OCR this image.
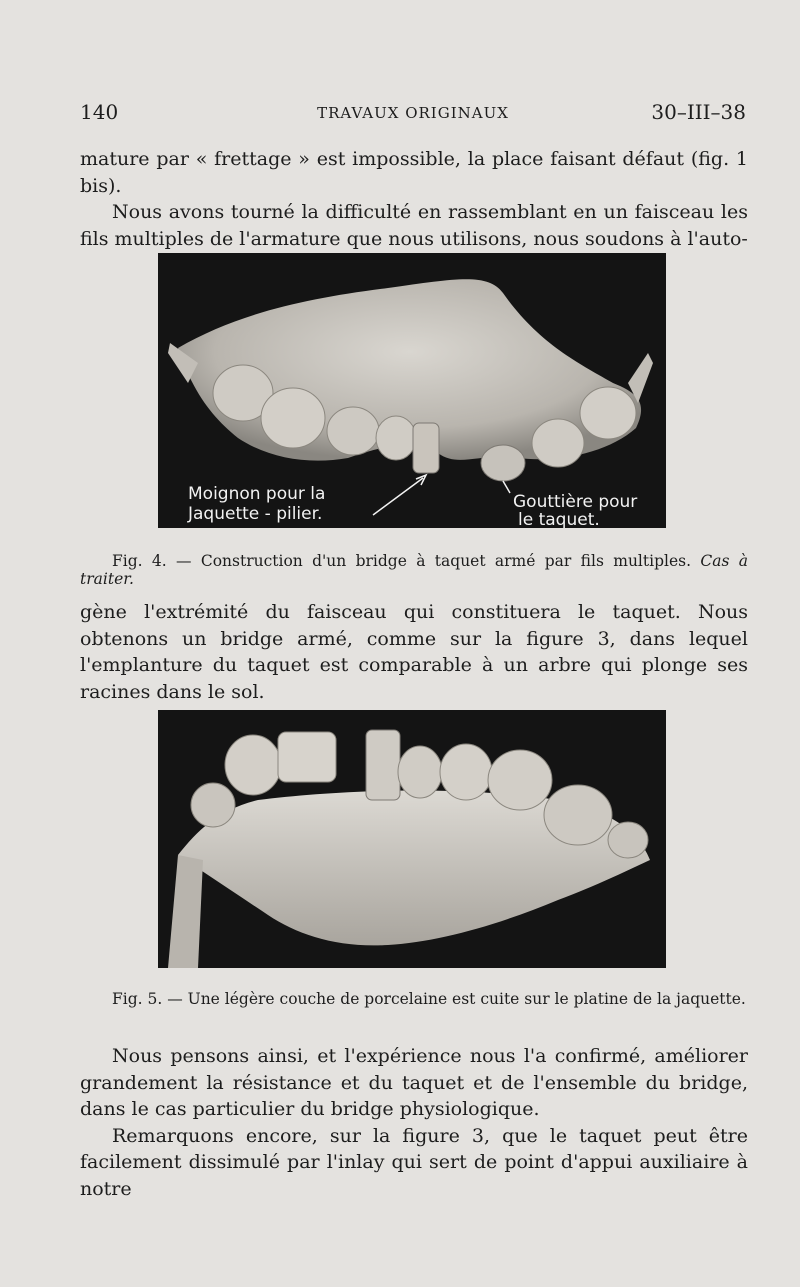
140	TRAVAUX ORIGINAUX	30–III–38

mature par « frettage » est impossible, la place faisant défaut (fig. 1 bis).
Nous avons tourné la difficulté en rassemblant en un faisceau les fils multiples de l'armature que nous utilisons, nous soudons à l'auto-

Moignon pour la
Jaquette - pilier.
Gouttière pour
le taquet.

Fig. 4. — Construction d'un bridge à taquet armé par fils multiples. Cas à traiter.

gène l'extrémité du faisceau qui constituera le taquet. Nous obtenons un bridge armé, comme sur la figure 3, dans lequel l'emplanture du taquet est comparable à un arbre qui plonge ses racines dans le sol.

Fig. 5. — Une légère couche de porcelaine est cuite sur le platine de la jaquette.

Nous pensons ainsi, et l'expérience nous l'a confirmé, améliorer grandement la résistance et du taquet et de l'ensemble du bridge, dans le cas particulier du bridge physiologique.

Remarquons encore, sur la figure 3, que le taquet peut être facilement dissimulé par l'inlay qui sert de point d'appui auxiliaire à notre
